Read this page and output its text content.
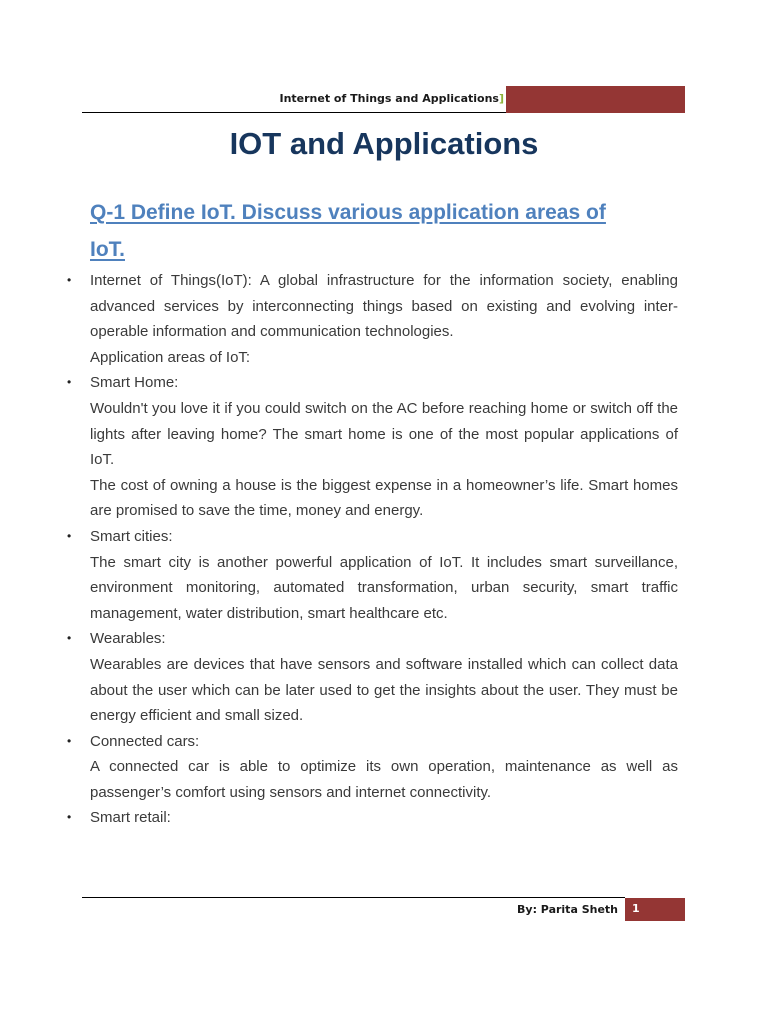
Internet of Things and Applications]
IOT and Applications
Q-1 Define IoT. Discuss various application areas of
IoT.

• Internet of Things(IoT): A global infrastructure for the information society, enabling advanced services by interconnecting things based on existing and evolving inter-operable information and communication technologies.

Application areas of IoT:

• Smart Home:

Wouldn't you love it if you could switch on the AC before reaching home or switch off the lights after leaving home? The smart home is one of the most popular applications of IoT.

The cost of owning a house is the biggest expense in a homeowner’s life. Smart homes are promised to save the time, money and energy.

• Smart cities:

The smart city is another powerful application of IoT. It includes smart surveillance, environment monitoring, automated transformation, urban security, smart traffic management, water distribution, smart healthcare etc.

• Wearables:

Wearables are devices that have sensors and software installed which can collect data about the user which can be later used to get the insights about the user. They must be energy efficient and small sized.

• Connected cars:

A connected car is able to optimize its own operation, maintenance as well as passenger’s comfort using sensors and internet connectivity.

• Smart retail:

By: Parita Sheth 1
